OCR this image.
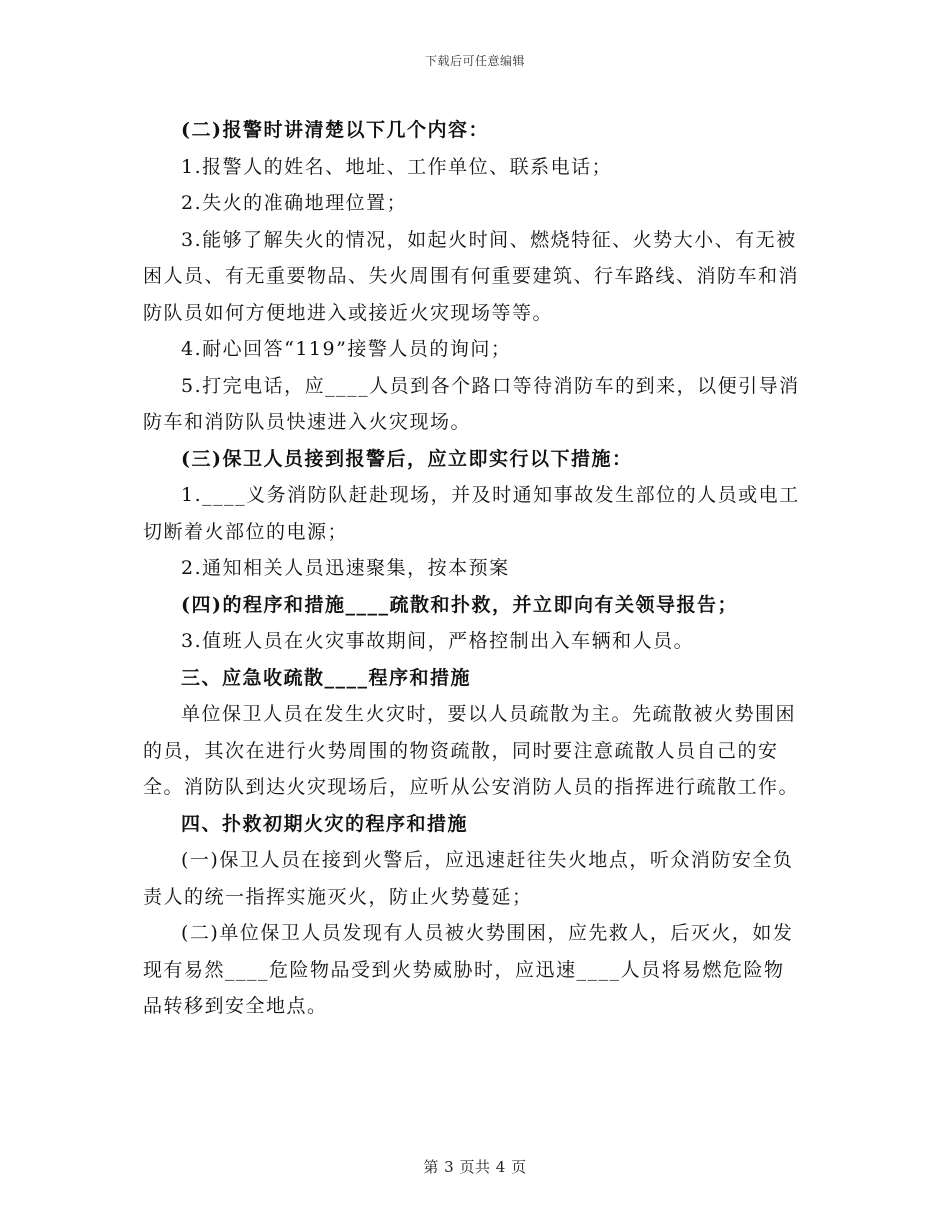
下载后可任意编辑

(二)报警时讲清楚以下几个内容：

1.报警人的姓名、地址、工作单位、联系电话；

2.失火的准确地理位置；

3.能够了解失火的情况，如起火时间、燃烧特征、火势大小、有无被困人员、有无重要物品、失火周围有何重要建筑、行车路线、消防车和消防队员如何方便地进入或接近火灾现场等等。

4.耐心回答“119”接警人员的询问；

5.打完电话，应____人员到各个路口等待消防车的到来，以便引导消防车和消防队员快速进入火灾现场。

(三)保卫人员接到报警后，应立即实行以下措施：

1.____义务消防队赶赴现场，并及时通知事故发生部位的人员或电工切断着火部位的电源；

2.通知相关人员迅速聚集，按本预案

(四)的程序和措施____疏散和扑救，并立即向有关领导报告；

3.值班人员在火灾事故期间，严格控制出入车辆和人员。

三、应急收疏散____程序和措施

单位保卫人员在发生火灾时，要以人员疏散为主。先疏散被火势围困的员，其次在进行火势周围的物资疏散，同时要注意疏散人员自己的安全。消防队到达火灾现场后，应听从公安消防人员的指挥进行疏散工作。

四、扑救初期火灾的程序和措施

(一)保卫人员在接到火警后，应迅速赶往失火地点，听众消防安全负责人的统一指挥实施灭火，防止火势蔓延；

(二)单位保卫人员发现有人员被火势围困，应先救人，后灭火，如发现有易然____危险物品受到火势威胁时，应迅速____人员将易燃危险物品转移到安全地点。

第 3 页共 4 页
